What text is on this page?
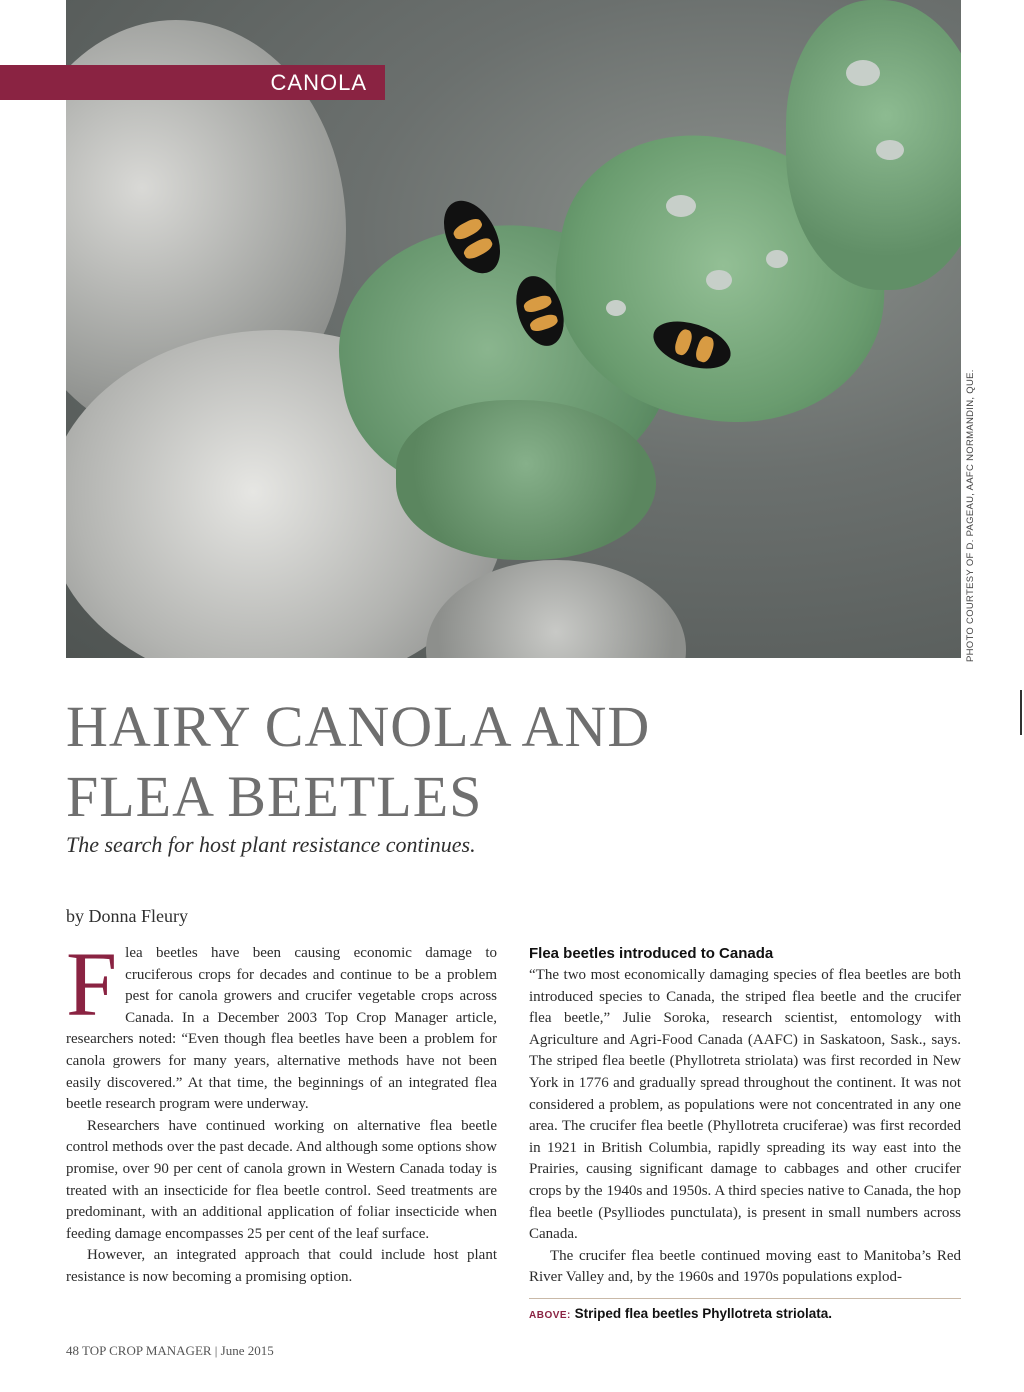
CANOLA
PHOTO COURTESY OF D. PAGEAU, AAFC NORMANDIN, QUE.
HAIRY CANOLA AND FLEA BEETLES

The search for host plant resistance continues.

by Donna Fleury

Flea beetles have been causing economic damage to cruciferous crops for decades and continue to be a problem pest for canola growers and crucifer vegetable crops across Canada. In a December 2003 Top Crop Manager article, researchers noted: “Even though flea beetles have been a problem for canola growers for many years, alternative methods have not been easily discovered.” At that time, the beginnings of an integrated flea beetle research program were underway.

Researchers have continued working on alternative flea beetle control methods over the past decade. And although some options show promise, over 90 per cent of canola grown in Western Canada today is treated with an insecticide for flea beetle control. Seed treatments are predominant, with an additional application of foliar insecticide when feeding damage encompasses 25 per cent of the leaf surface.

However, an integrated approach that could include host plant resistance is now becoming a promising option.

Flea beetles introduced to Canada

“The two most economically damaging species of flea beetles are both introduced species to Canada, the striped flea beetle and the crucifer flea beetle,” Julie Soroka, research scientist, entomology with Agriculture and Agri-Food Canada (AAFC) in Saskatoon, Sask., says. The striped flea beetle (Phyllotreta striolata) was first recorded in New York in 1776 and gradually spread throughout the continent. It was not considered a problem, as populations were not concentrated in any one area. The crucifer flea beetle (Phyllotreta cruciferae) was first recorded in 1921 in British Columbia, rapidly spreading its way east into the Prairies, causing significant damage to cabbages and other crucifer crops by the 1940s and 1950s. A third species native to Canada, the hop flea beetle (Psylliodes punctulata), is present in small numbers across Canada.

The crucifer flea beetle continued moving east to Manitoba’s Red River Valley and, by the 1960s and 1970s populations explod-

ABOVE: Striped flea beetles Phyllotreta striolata.
48 TOP CROP MANAGER | June 2015
